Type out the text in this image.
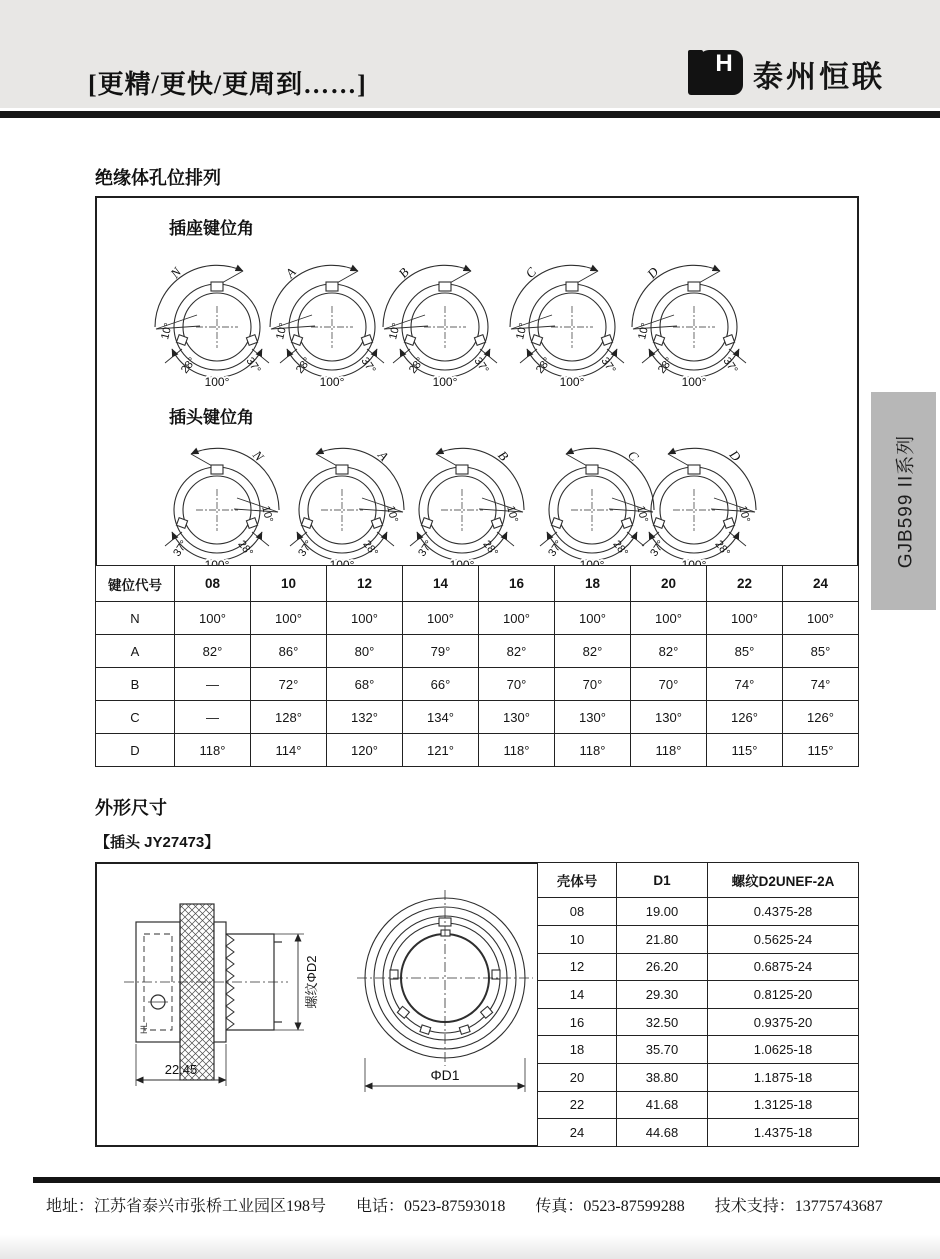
[更精/更快/更周到……]
H 泰州恒联
GJB599 II系列
绝缘体孔位排列
插座键位角
N
10°
28°	37°
100°
A
10°
28°	37°
100°
B
10°
28°	37°
100°
C
10°
28°	37°
100°
D
10°
28°	37°
100°
插头键位角
N
10°
28°
37°
A
10°
28°
37°
B
10°
28°
37°
C
10°
28°
37°
D
10°
28°
37°
键位代号	08	10	12	14	16	18	20	22	24
N	100°	100°	100°	100°	100°	100°	100°	100°	100°
A	82°	86°	80°	79°	82°	82°	82°	85°	85°
B	—	72°	68°	66°	70°	70°	70°	74°	74°
C	—	128°	132°	134°	130°	130°	130°	126°	126°
D	118°	114°	120°	121°	118°	118°	118°	115°	115°
外形尺寸
【插头 JY27473】
HL
螺纹ΦD2
22.45	ΦD1
壳体号	D1	螺纹D2UNEF-2A
08	19.00	0.4375-28
10	21.80	0.5625-24
12	26.20	0.6875-24
14	29.30	0.8125-20
16	32.50	0.9375-20
18	35.70	1.0625-18
20	38.80	1.1875-18
22	41.68	1.3125-18
24	44.68	1.4375-18
地址：江苏省泰兴市张桥工业园区198号 电话：0523-87593018 传真：0523-87599288 技术支持：13775743687
